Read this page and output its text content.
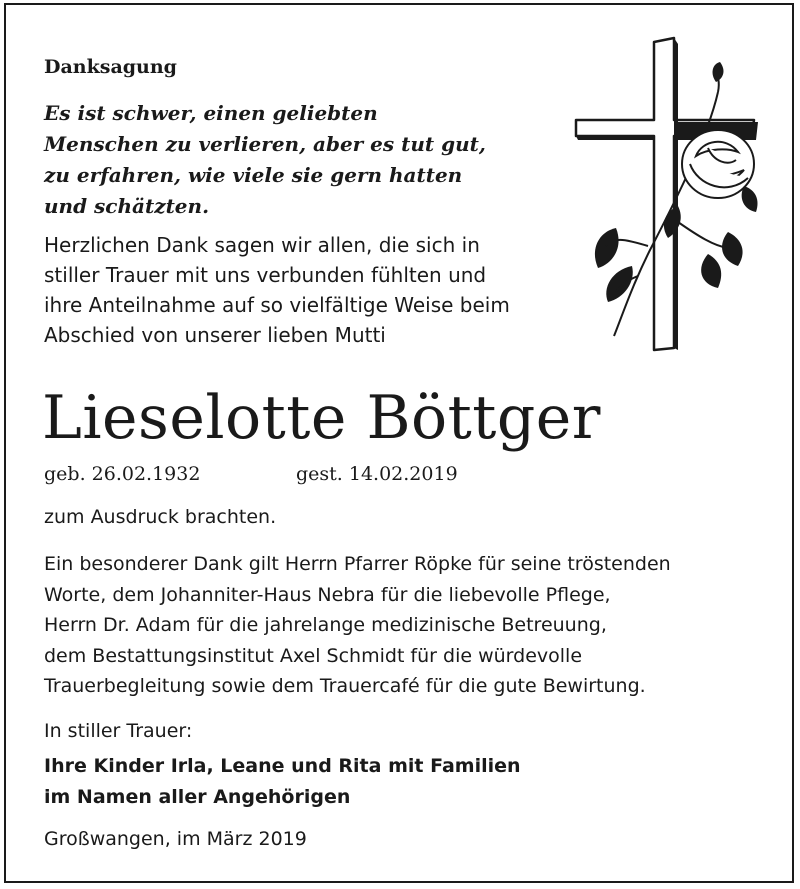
Danksagung

Es ist schwer, einen geliebten
Menschen zu verlieren, aber es tut gut,
zu erfahren, wie viele sie gern hatten
und schätzten.

Herzlichen Dank sagen wir allen, die sich in
stiller Trauer mit uns verbunden fühlten und
ihre Anteilnahme auf so vielfältige Weise beim
Abschied von unserer lieben Mutti

Lieselotte Böttger
geb. 26.02.1932	gest. 14.02.2019
zum Ausdruck brachten.

Ein besonderer Dank gilt Herrn Pfarrer Röpke für seine tröstenden
Worte, dem Johanniter-Haus Nebra für die liebevolle Pflege,
Herrn Dr. Adam für die jahrelange medizinische Betreuung,
dem Bestattungsinstitut Axel Schmidt für die würdevolle
Trauerbegleitung sowie dem Trauercafé für die gute Bewirtung.

In stiller Trauer:

Ihre Kinder Irla, Leane und Rita mit Familien
im Namen aller Angehörigen

Großwangen, im März 2019
